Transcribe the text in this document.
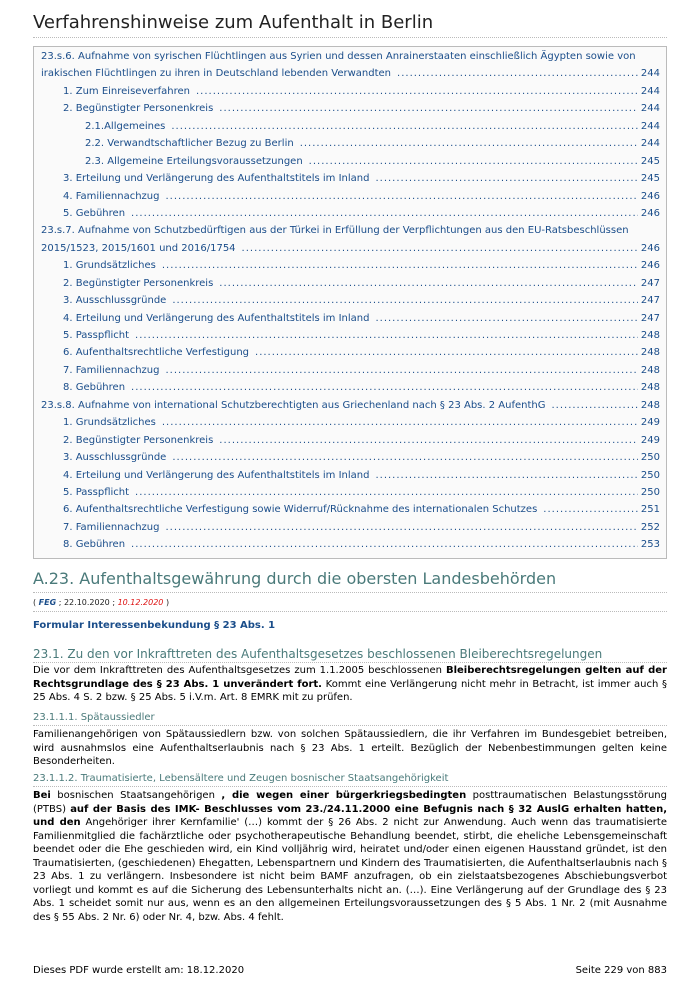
Verfahrenshinweise zum Aufenthalt in Berlin
23.s.6. Aufnahme von syrischen Flüchtlingen aus Syrien und dessen Anrainerstaaten einschließlich Ägypten sowie von
irakischen Flüchtlingen zu ihren in Deutschland lebenden Verwandten .....	244
1. Zum Einreiseverfahren .....	244
2. Begünstigter Personenkreis .....	244
2.1.Allgemeines .....	244
2.2. Verwandtschaftlicher Bezug zu Berlin .....	244
2.3. Allgemeine Erteilungsvoraussetzungen .....	245
3. Erteilung und Verlängerung des Aufenthaltstitels im Inland .....	245
4. Familiennachzug .....	246
5. Gebühren .....	246
23.s.7. Aufnahme von Schutzbedürftigen aus der Türkei in Erfüllung der Verpflichtungen aus den EU-Ratsbeschlüssen
2015/1523, 2015/1601 und 2016/1754 .....	246
1. Grundsätzliches .....	246
2. Begünstigter Personenkreis .....	247
3. Ausschlussgründe .....	247
4. Erteilung und Verlängerung des Aufenthaltstitels im Inland .....	247
5. Passpflicht .....	248
6. Aufenthaltsrechtliche Verfestigung .....	248
7. Familiennachzug .....	248
8. Gebühren .....	248
23.s.8. Aufnahme von international Schutzberechtigten aus Griechenland nach § 23 Abs. 2 AufenthG .....	248
1. Grundsätzliches .....	249
2. Begünstigter Personenkreis .....	249
3. Ausschlussgründe .....	250
4. Erteilung und Verlängerung des Aufenthaltstitels im Inland .....	250
5. Passpflicht .....	250
6. Aufenthaltsrechtliche Verfestigung sowie Widerruf/Rücknahme des internationalen Schutzes .....	251
7. Familiennachzug .....	252
8. Gebühren .....	253
A.23. Aufenthaltsgewährung durch die obersten Landesbehörden
( FEG ; 22.10.2020 ; 10.12.2020 )
Formular Interessenbekundung § 23 Abs. 1
23.1. Zu den vor Inkrafttreten des Aufenthaltsgesetzes beschlossenen Bleiberechtsregelungen
Die vor dem Inkrafttreten des Aufenthaltsgesetzes zum 1.1.2005 beschlossenen Bleiberechtsregelungen gelten auf der Rechtsgrundlage des § 23 Abs. 1 unverändert fort. Kommt eine Verlängerung nicht mehr in Betracht, ist immer auch § 25 Abs. 4 S. 2 bzw. § 25 Abs. 5 i.V.m. Art. 8 EMRK mit zu prüfen.
23.1.1.1. Spätaussiedler
Familienangehörigen von Spätaussiedlern bzw. von solchen Spätaussiedlern, die ihr Verfahren im Bundesgebiet betreiben, wird ausnahmslos eine Aufenthaltserlaubnis nach § 23 Abs. 1 erteilt. Bezüglich der Nebenbestimmungen gelten keine Besonderheiten.
23.1.1.2. Traumatisierte, Lebensältere und Zeugen bosnischer Staatsangehörigkeit
Bei bosnischen Staatsangehörigen , die wegen einer bürgerkriegsbedingten posttraumatischen Belastungsstörung (PTBS) auf der Basis des IMK- Beschlusses vom 23./24.11.2000 eine Befugnis nach § 32 AuslG erhalten hatten, und den Angehöriger ihrer Kernfamilie' (…) kommt der § 26 Abs. 2 nicht zur Anwendung. Auch wenn das traumatisierte Familienmitglied die fachärztliche oder psychotherapeutische Behandlung beendet, stirbt, die eheliche Lebensgemeinschaft beendet oder die Ehe geschieden wird, ein Kind volljährig wird, heiratet und/oder einen eigenen Hausstand gründet, ist den Traumatisierten, (geschiedenen) Ehegatten, Lebenspartnern und Kindern des Traumatisierten, die Aufenthaltserlaubnis nach § 23 Abs. 1 zu verlängern. Insbesondere ist nicht beim BAMF anzufragen, ob ein zielstaatsbezogenes Abschiebungsverbot vorliegt und kommt es auf die Sicherung des Lebensunterhalts nicht an. (…). Eine Verlängerung auf der Grundlage des § 23 Abs. 1 scheidet somit nur aus, wenn es an den allgemeinen Erteilungsvoraussetzungen des § 5 Abs. 1 Nr. 2 (mit Ausnahme des § 55 Abs. 2 Nr. 6) oder Nr. 4, bzw. Abs. 4 fehlt.
Dieses PDF wurde erstellt am: 18.12.2020	Seite 229 von 883
